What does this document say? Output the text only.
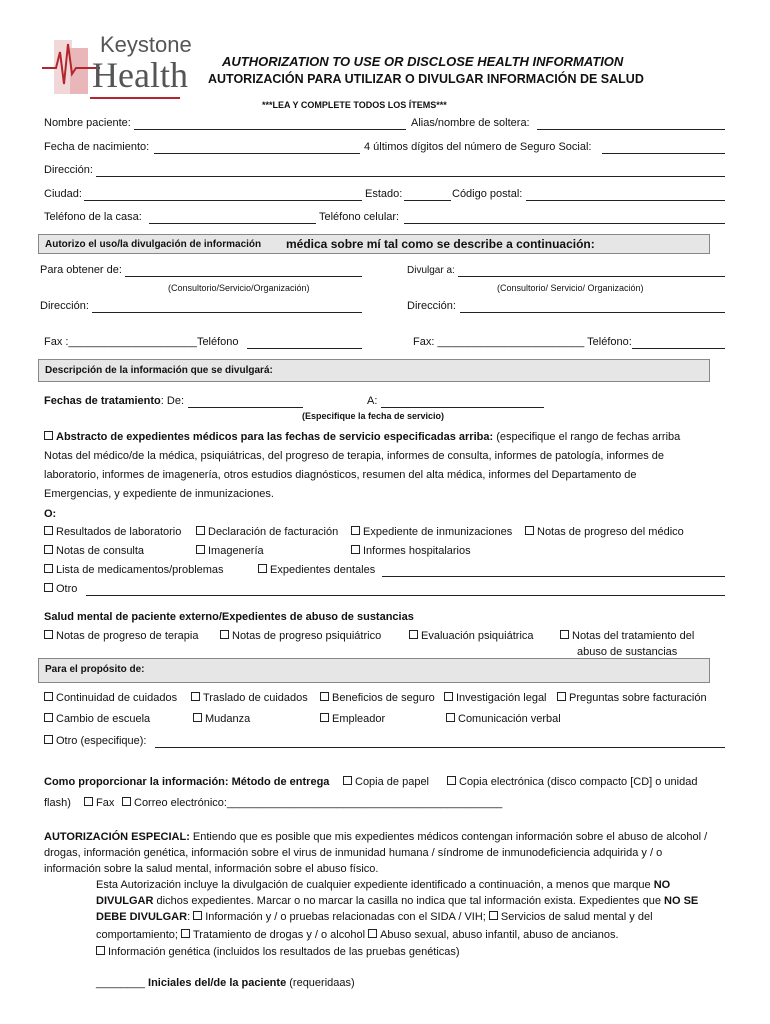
Keystone
Health	AUTHORIZATION TO USE OR DISCLOSE HEALTH INFORMATION
AUTORIZACIÓN PARA UTILIZAR O DIVULGAR INFORMACIÓN DE SALUD
***LEA Y COMPLETE TODOS LOS ÍTEMS***
Nombre paciente:	Alias/nombre de soltera:
Fecha de nacimiento:	4 últimos dígitos del número de Seguro Social:
Dirección:
Ciudad:	Estado:	Código postal:
Teléfono de la casa:	Teléfono celular:
Autorizo el uso/la divulgación de información médica sobre mí tal como se describe a continuación:
Para obtener de:	Divulgar a:
(Consultorio/Servicio/Organización)	(Consultorio/ Servicio/ Organización)
Dirección:	Dirección:
Fax :_____________________Teléfono	Fax: ________________________ Teléfono:
Descripción de la información que se divulgará:
Fechas de tratamiento: De:	A:
(Especifique la fecha de servicio)
Abstracto de expedientes médicos para las fechas de servicio especificadas arriba: (especifique el rango de fechas arriba
Notas del médico/de la médica, psiquiátricas, del progreso de terapia, informes de consulta, informes de patología, informes de
laboratorio, informes de imagenería, otros estudios diagnósticos, resumen del alta médica, informes del Departamento de
Emergencias, y expediente de inmunizaciones.
O:
Resultados de laboratorio	Declaración de facturación	Expediente de inmunizaciones	Notas de progreso del médico
Notas de consulta	Imagenería	Informes hospitalarios
Lista de medicamentos/problemas	Expedientes dentales
Otro
Salud mental de paciente externo/Expedientes de abuso de sustancias
Notas de progreso de terapia	Notas de progreso psiquiátrico	Evaluación psiquiátrica	Notas del tratamiento del
abuso de sustancias
Para el propósito de:
Continuidad de cuidados	Traslado de cuidados	Beneficios de seguro	Investigación legal	Preguntas sobre facturación
Cambio de escuela	Mudanza	Empleador	Comunicación verbal
Otro (especifique):
Como proporcionar la información: Método de entrega	Copia de papel	Copia electrónica (disco compacto [CD] o unidad
flash)	Fax	Correo electrónico:_____________________________________________
AUTORIZACIÓN ESPECIAL: Entiendo que es posible que mis expedientes médicos contengan información sobre el abuso de alcohol /
drogas, información genética, información sobre el virus de inmunidad humana / síndrome de inmunodeficiencia adquirida y / o
información sobre la salud mental, información sobre el abuso físico.
Esta Autorización incluye la divulgación de cualquier expediente identificado a continuación, a menos que marque NO
DIVULGAR dichos expedientes. Marcar o no marcar la casilla no indica que tal información exista. Expedientes que NO SE
DEBE DIVULGAR: Información y / o pruebas relacionadas con el SIDA / VIH; Servicios de salud mental y del
comportamiento; Tratamiento de drogas y / o alcohol Abuso sexual, abuso infantil, abuso de ancianos.
Información genética (incluidos los resultados de las pruebas genéticas)
________ Iniciales del/de la paciente (requeridaas)
